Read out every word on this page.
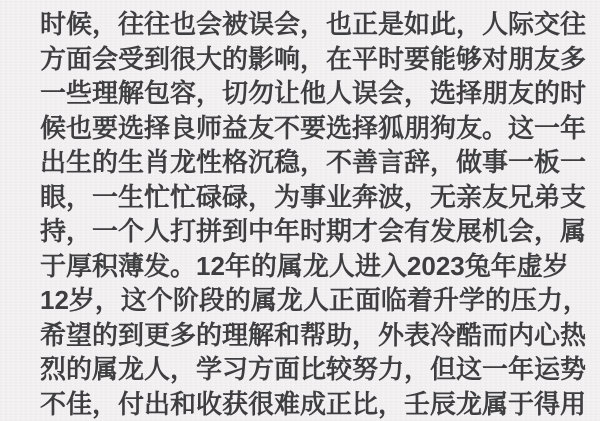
时候，往往也会被误会，也正是如此，人际交往
方面会受到很大的影响，在平时要能够对朋友多
一些理解包容，切勿让他人误会，选择朋友的时
候也要选择良师益友不要选择狐朋狗友。这一年
出生的生肖龙性格沉稳，不善言辞，做事一板一
眼，一生忙忙碌碌，为事业奔波，无亲友兄弟支
持，一个人打拼到中年时期才会有发展机会，属
于厚积薄发。12年的属龙人进入2023兔年虚岁
12岁，这个阶段的属龙人正面临着升学的压力，
希望的到更多的理解和帮助，外表冷酷而内心热
烈的属龙人，学习方面比较努力，但这一年运势
不佳，付出和收获很难成正比，壬辰龙属于得用
